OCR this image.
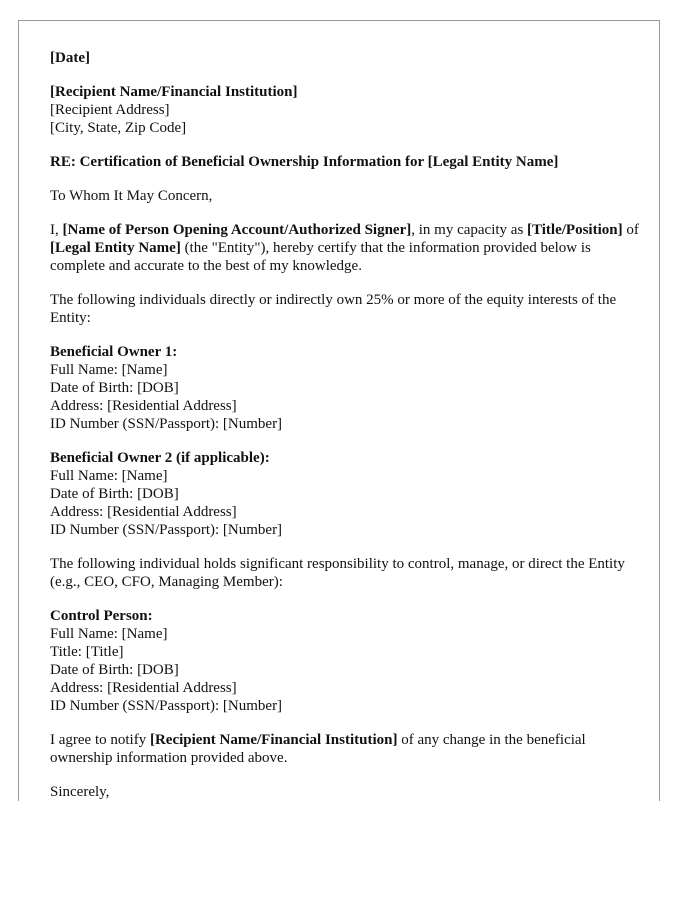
[Date]
[Recipient Name/Financial Institution]
[Recipient Address]
[City, State, Zip Code]
RE: Certification of Beneficial Ownership Information for [Legal Entity Name]
To Whom It May Concern,

I, [Name of Person Opening Account/Authorized Signer], in my capacity as [Title/Position] of [Legal Entity Name] (the "Entity"), hereby certify that the information provided below is complete and accurate to the best of my knowledge.

The following individuals directly or indirectly own 25% or more of the equity interests of the Entity:

Beneficial Owner 1:
Full Name: [Name]
Date of Birth: [DOB]
Address: [Residential Address]
ID Number (SSN/Passport): [Number]
Beneficial Owner 2 (if applicable):
Full Name: [Name]
Date of Birth: [DOB]
Address: [Residential Address]
ID Number (SSN/Passport): [Number]

The following individual holds significant responsibility to control, manage, or direct the Entity (e.g., CEO, CFO, Managing Member):

Control Person:
Full Name: [Name]
Title: [Title]
Date of Birth: [DOB]
Address: [Residential Address]
ID Number (SSN/Passport): [Number]

I agree to notify [Recipient Name/Financial Institution] of any change in the beneficial ownership information provided above.

Sincerely,
